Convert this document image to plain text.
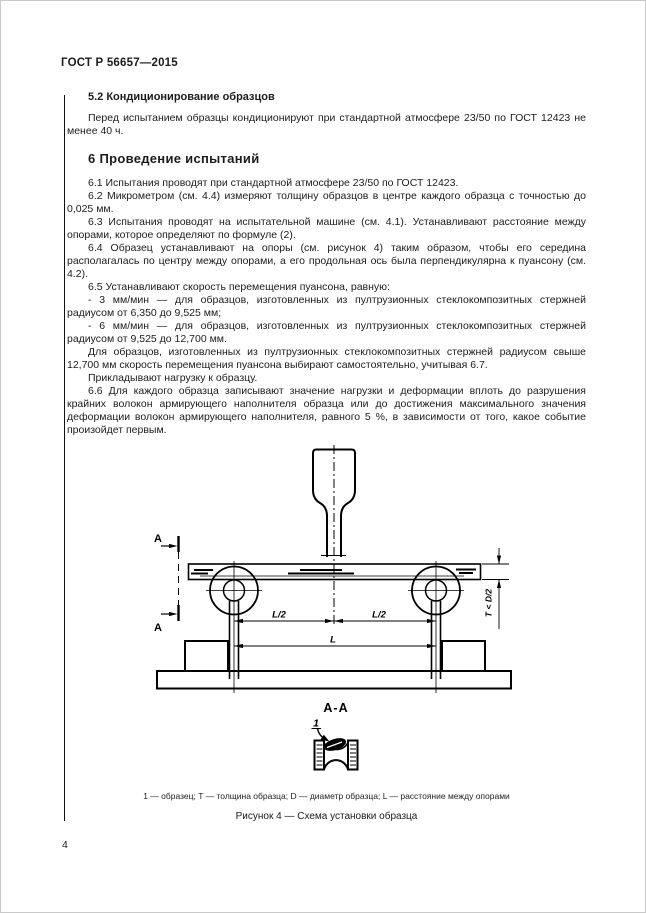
ГОСТ Р 56657—2015
5.2 Кондиционирование образцов

Перед испытанием образцы кондиционируют при стандартной атмосфере 23/50 по ГОСТ 12423 не менее 40 ч.

6 Проведение испытаний

6.1 Испытания проводят при стандартной атмосфере 23/50 по ГОСТ 12423.

6.2 Микрометром (см. 4.4) измеряют толщину образцов в центре каждого образца с точностью до 0,025 мм.

6.3 Испытания проводят на испытательной машине (см. 4.1). Устанавливают расстояние между опорами, которое определяют по формуле (2).

6.4 Образец устанавливают на опоры (см. рисунок 4) таким образом, чтобы его середина располагалась по центру между опорами, а его продольная ось была перпендикулярна к пуансону (см. 4.2).

6.5 Устанавливают скорость перемещения пуансона, равную:

- 3 мм/мин — для образцов, изготовленных из пултрузионных стеклокомпозитных стержней радиусом от 6,350 до 9,525 мм;

- 6 мм/мин — для образцов, изготовленных из пултрузионных стеклокомпозитных стержней радиусом от 9,525 до 12,700 мм.

Для образцов, изготовленных из пултрузионных стеклокомпозитных стержней радиусом свыше 12,700 мм скорость перемещения пуансона выбирают самостоятельно, учитывая 6.7.

Прикладывают нагрузку к образцу.

6.6 Для каждого образца записывают значение нагрузки и деформации вплоть до разрушения крайних волокон армирующего наполнителя образца или до достижения максимального значения деформации волокон армирующего наполнителя, равного 5 %, в зависимости от того, какое событие произойдет первым.

А
А
L/2	L/2
L
T < D/2
А-А
1
1 — образец; T — толщина образца; D — диаметр образца; L — расстояние между опорами
Рисунок 4 — Схема установки образца
4
